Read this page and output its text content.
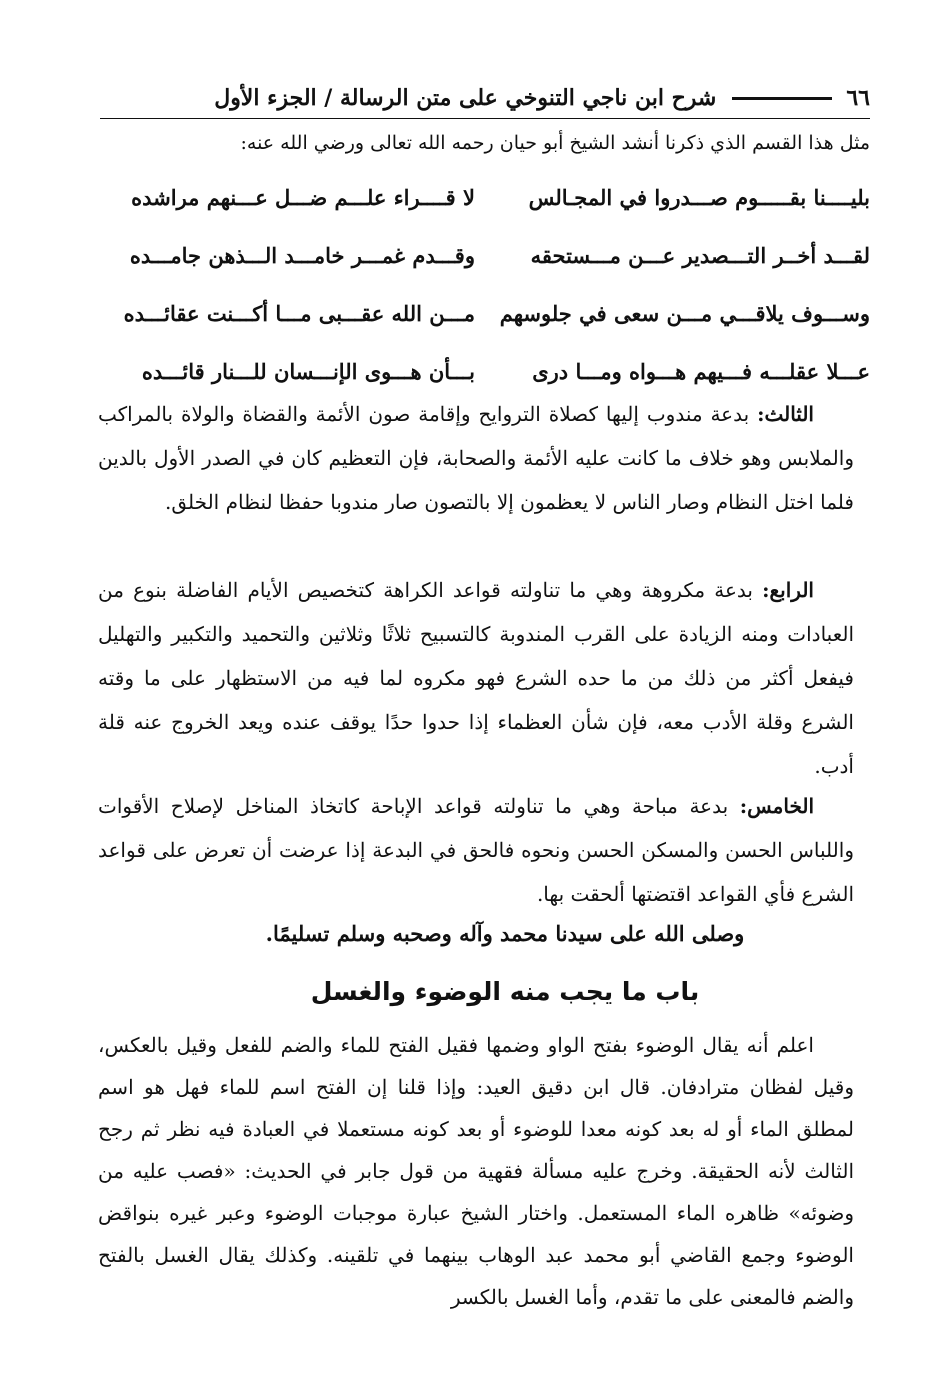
٦٦
شرح ابن ناجي التنوخي على متن الرسالة / الجزء الأول
مثل هذا القسم الذي ذكرنا أنشد الشيخ أبو حيان رحمه الله تعالى ورضي الله عنه:
بليــــنا بقـــــوم صـــدروا في المجـالس
لا قــــراء علـــم ضـــل عـــنهم مراشده
لقـــد أخــر التـــصدير عـــن مـــستحقه
وقـــدم غمـــر خامـــد الـــذهن جامـــده
وســـوف يلاقـــي مـــن سعى في جلوسهم
مـــن الله عقـــبى مـــا أكـــنت عقائـــده
عـــلا عقلـــه فـــيهم هـــواه ومـــا درى
بـــأن هـــوى الإنـــسان للـــنار قائـــده

الثالث: بدعة مندوب إليها كصلاة التروايح وإقامة صون الأئمة والقضاة والولاة بالمراكب والملابس وهو خلاف ما كانت عليه الأئمة والصحابة، فإن التعظيم كان في الصدر الأول بالدين فلما اختل النظام وصار الناس لا يعظمون إلا بالتصون صار مندوبا حفظا لنظام الخلق.

الرابع: بدعة مكروهة وهي ما تناولته قواعد الكراهة كتخصيص الأيام الفاضلة بنوع من العبادات ومنه الزيادة على القرب المندوبة كالتسبيح ثلاثًا وثلاثين والتحميد والتكبير والتهليل فيفعل أكثر من ذلك من ما حده الشرع فهو مكروه لما فيه من الاستظهار على ما وقته الشرع وقلة الأدب معه، فإن شأن العظماء إذا حدوا حدًا يوقف عنده ويعد الخروج عنه قلة أدب.

الخامس: بدعة مباحة وهي ما تناولته قواعد الإباحة كاتخاذ المناخل لإصلاح الأقوات واللباس الحسن والمسكن الحسن ونحوه فالحق في البدعة إذا عرضت أن تعرض على قواعد الشرع فأي القواعد اقتضتها ألحقت بها.

وصلى الله على سيدنا محمد وآله وصحبه وسلم تسليمًا.
باب ما يجب منه الوضوء والغسل

اعلم أنه يقال الوضوء بفتح الواو وضمها فقيل الفتح للماء والضم للفعل وقيل بالعكس، وقيل لفظان مترادفان. قال ابن دقيق العيد: وإذا قلنا إن الفتح اسم للماء فهل هو اسم لمطلق الماء أو له بعد كونه معدا للوضوء أو بعد كونه مستعملا في العبادة فيه نظر ثم رجح الثالث لأنه الحقيقة. وخرج عليه مسألة فقهية من قول جابر في الحديث: «فصب عليه من وضوئه» ظاهره الماء المستعمل. واختار الشيخ عبارة موجبات الوضوء وعبر غيره بنواقض الوضوء وجمع القاضي أبو محمد عبد الوهاب بينهما في تلقينه. وكذلك يقال الغسل بالفتح والضم فالمعنى على ما تقدم، وأما الغسل بالكسر
